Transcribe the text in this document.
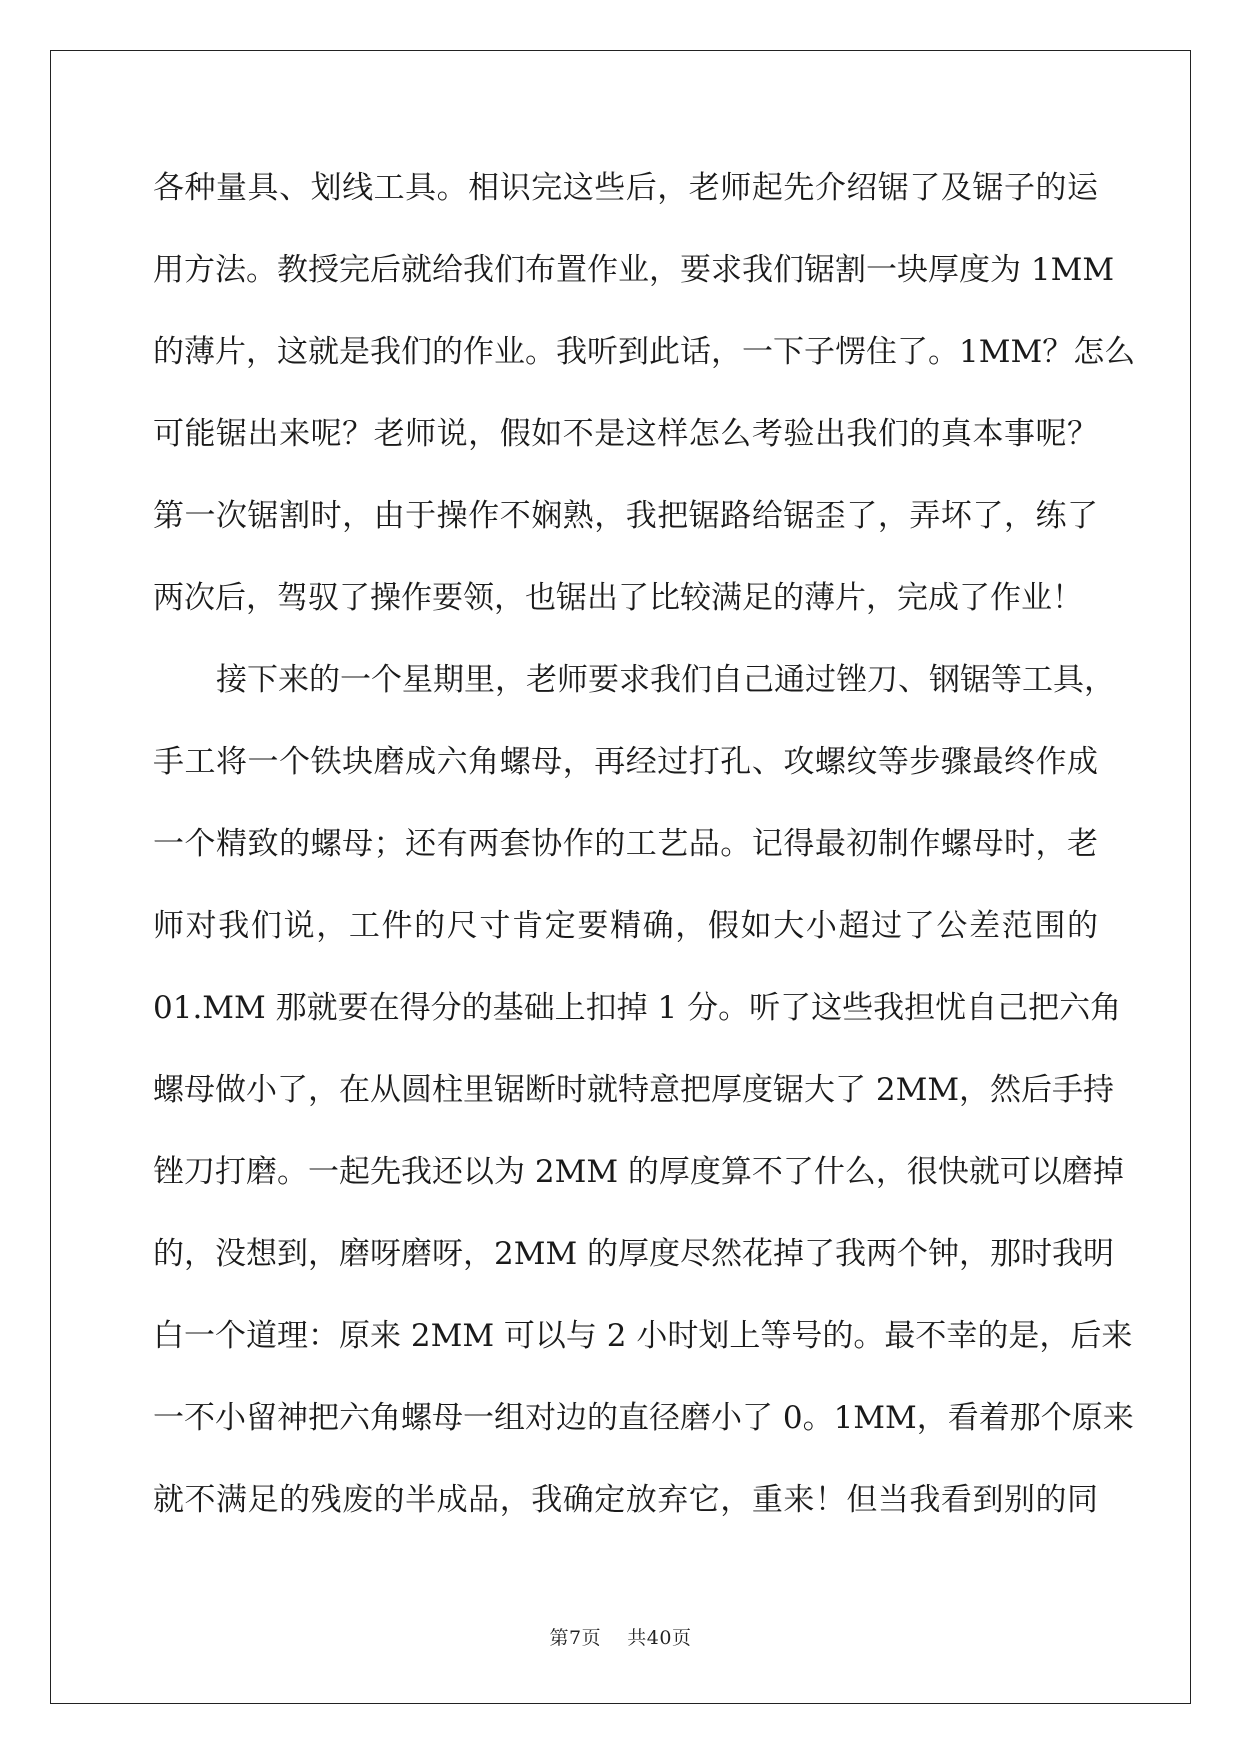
各种量具、划线工具。相识完这些后，老师起先介绍锯了及锯子的运
用方法。教授完后就给我们布置作业，要求我们锯割一块厚度为 1MM
的薄片，这就是我们的作业。我听到此话，一下子愣住了。1MM？怎么
可能锯出来呢？老师说，假如不是这样怎么考验出我们的真本事呢？
第一次锯割时，由于操作不娴熟，我把锯路给锯歪了，弄坏了，练了
两次后，驾驭了操作要领，也锯出了比较满足的薄片，完成了作业！
接下来的一个星期里，老师要求我们自己通过锉刀、钢锯等工具，
手工将一个铁块磨成六角螺母，再经过打孔、攻螺纹等步骤最终作成
一个精致的螺母；还有两套协作的工艺品。记得最初制作螺母时，老
师对我们说，工件的尺寸肯定要精确，假如大小超过了公差范围的
01.MM 那就要在得分的基础上扣掉 1 分。听了这些我担忧自己把六角
螺母做小了，在从圆柱里锯断时就特意把厚度锯大了 2MM，然后手持
锉刀打磨。一起先我还以为 2MM 的厚度算不了什么，很快就可以磨掉
的，没想到，磨呀磨呀，2MM 的厚度尽然花掉了我两个钟，那时我明
白一个道理：原来 2MM 可以与 2 小时划上等号的。最不幸的是，后来
一不小留神把六角螺母一组对边的直径磨小了 0。1MM，看着那个原来
就不满足的残废的半成品，我确定放弃它，重来！但当我看到别的同
第7页 共40页
